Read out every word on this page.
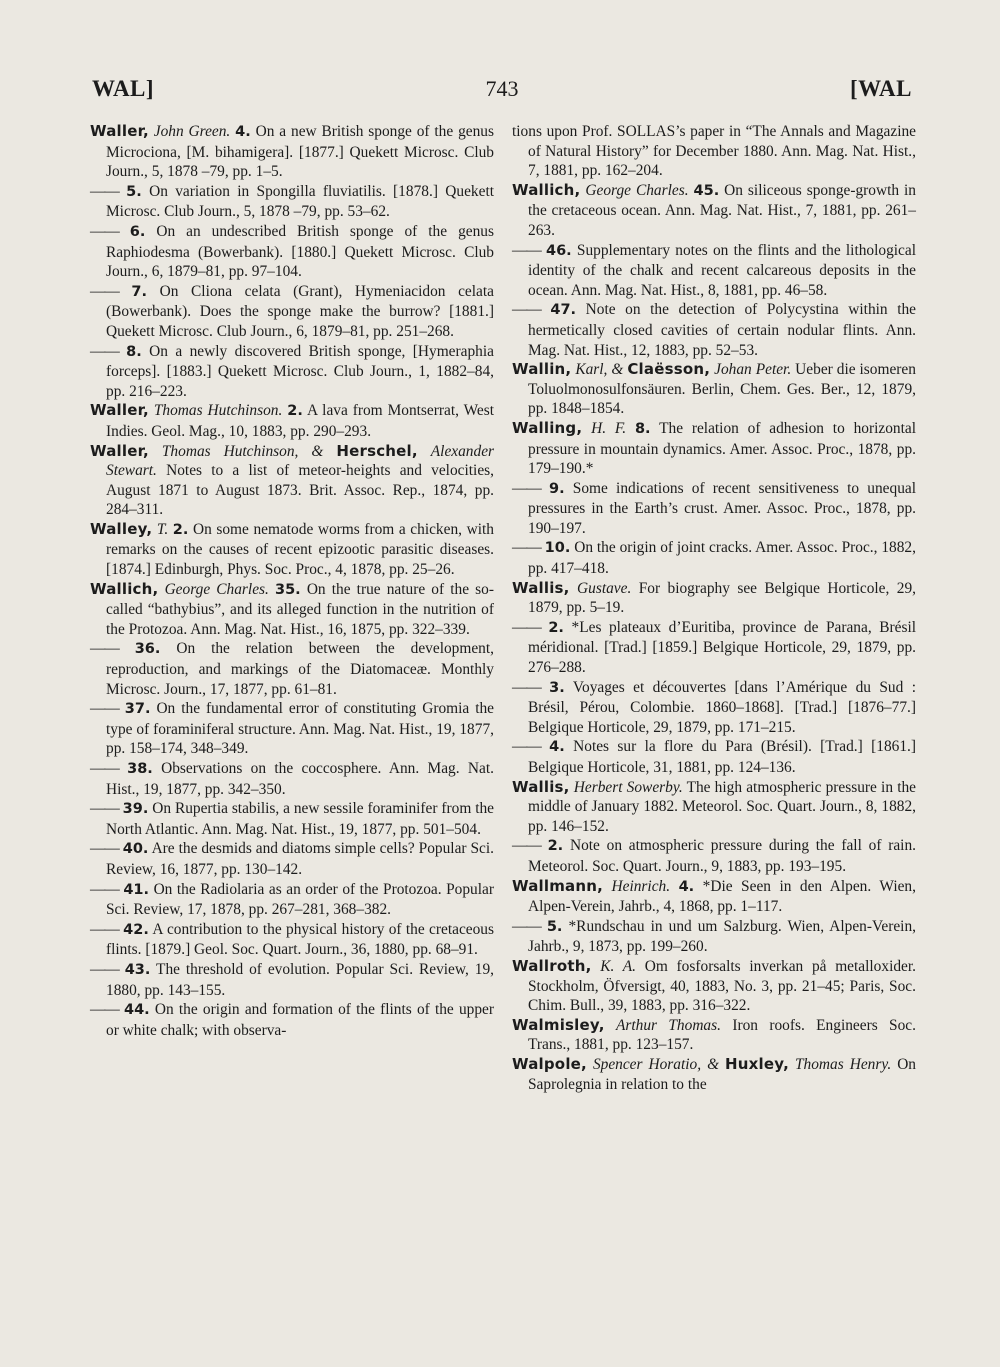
WAL]	743	[WAL
Waller, John Green. 4. On a new British sponge of the genus Microciona, [M. bihamigera]. [1877.] Quekett Microsc. Club Journ., 5, 1878 –79, pp. 1–5.
—— 5. On variation in Spongilla fluviatilis. [1878.] Quekett Microsc. Club Journ., 5, 1878 –79, pp. 53–62.
—— 6. On an undescribed British sponge of the genus Raphiodesma (Bowerbank). [1880.] Quekett Microsc. Club Journ., 6, 1879–81, pp. 97–104.
—— 7. On Cliona celata (Grant), Hymeniacidon celata (Bowerbank). Does the sponge make the burrow? [1881.] Quekett Microsc. Club Journ., 6, 1879–81, pp. 251–268.
—— 8. On a newly discovered British sponge, [Hymeraphia forceps]. [1883.] Quekett Microsc. Club Journ., 1, 1882–84, pp. 216–223.
Waller, Thomas Hutchinson. 2. A lava from Montserrat, West Indies. Geol. Mag., 10, 1883, pp. 290–293.
Waller, Thomas Hutchinson, & Herschel, Alexander Stewart. Notes to a list of meteor-heights and velocities, August 1871 to August 1873. Brit. Assoc. Rep., 1874, pp. 284–311.
Walley, T. 2. On some nematode worms from a chicken, with remarks on the causes of recent epizootic parasitic diseases. [1874.] Edinburgh, Phys. Soc. Proc., 4, 1878, pp. 25–26.
Wallich, George Charles. 35. On the true nature of the so-called “bathybius”, and its alleged function in the nutrition of the Protozoa. Ann. Mag. Nat. Hist., 16, 1875, pp. 322–339.
—— 36. On the relation between the development, reproduction, and markings of the Diatomaceæ. Monthly Microsc. Journ., 17, 1877, pp. 61–81.
—— 37. On the fundamental error of constituting Gromia the type of foraminiferal structure. Ann. Mag. Nat. Hist., 19, 1877, pp. 158–174, 348–349.
—— 38. Observations on the coccosphere. Ann. Mag. Nat. Hist., 19, 1877, pp. 342–350.
—— 39. On Rupertia stabilis, a new sessile foraminifer from the North Atlantic. Ann. Mag. Nat. Hist., 19, 1877, pp. 501–504.
—— 40. Are the desmids and diatoms simple cells? Popular Sci. Review, 16, 1877, pp. 130–142.
—— 41. On the Radiolaria as an order of the Protozoa. Popular Sci. Review, 17, 1878, pp. 267–281, 368–382.
—— 42. A contribution to the physical history of the cretaceous flints. [1879.] Geol. Soc. Quart. Journ., 36, 1880, pp. 68–91.
—— 43. The threshold of evolution. Popular Sci. Review, 19, 1880, pp. 143–155.
—— 44. On the origin and formation of the flints of the upper or white chalk; with observa-
tions upon Prof. SOLLAS’s paper in “The Annals and Magazine of Natural History” for December 1880. Ann. Mag. Nat. Hist., 7, 1881, pp. 162–204.
Wallich, George Charles. 45. On siliceous sponge-growth in the cretaceous ocean. Ann. Mag. Nat. Hist., 7, 1881, pp. 261–263.
—— 46. Supplementary notes on the flints and the lithological identity of the chalk and recent calcareous deposits in the ocean. Ann. Mag. Nat. Hist., 8, 1881, pp. 46–58.
—— 47. Note on the detection of Polycystina within the hermetically closed cavities of certain nodular flints. Ann. Mag. Nat. Hist., 12, 1883, pp. 52–53.
Wallin, Karl, & Claësson, Johan Peter. Ueber die isomeren Toluolmonosulfonsäuren. Berlin, Chem. Ges. Ber., 12, 1879, pp. 1848–1854.
Walling, H. F. 8. The relation of adhesion to horizontal pressure in mountain dynamics. Amer. Assoc. Proc., 1878, pp. 179–190.*
—— 9. Some indications of recent sensitiveness to unequal pressures in the Earth’s crust. Amer. Assoc. Proc., 1878, pp. 190–197.
—— 10. On the origin of joint cracks. Amer. Assoc. Proc., 1882, pp. 417–418.
Wallis, Gustave. For biography see Belgique Horticole, 29, 1879, pp. 5–19.
—— 2. *Les plateaux d’Euritiba, province de Parana, Brésil méridional. [Trad.] [1859.] Belgique Horticole, 29, 1879, pp. 276–288.
—— 3. Voyages et découvertes [dans l’Amérique du Sud : Brésil, Pérou, Colombie. 1860–1868]. [Trad.] [1876–77.] Belgique Horticole, 29, 1879, pp. 171–215.
—— 4. Notes sur la flore du Para (Brésil). [Trad.] [1861.] Belgique Horticole, 31, 1881, pp. 124–136.
Wallis, Herbert Sowerby. The high atmospheric pressure in the middle of January 1882. Meteorol. Soc. Quart. Journ., 8, 1882, pp. 146–152.
—— 2. Note on atmospheric pressure during the fall of rain. Meteorol. Soc. Quart. Journ., 9, 1883, pp. 193–195.
Wallmann, Heinrich. 4. *Die Seen in den Alpen. Wien, Alpen-Verein, Jahrb., 4, 1868, pp. 1–117.
—— 5. *Rundschau in und um Salzburg. Wien, Alpen-Verein, Jahrb., 9, 1873, pp. 199–260.
Wallroth, K. A. Om fosforsalts inverkan på metalloxider. Stockholm, Öfversigt, 40, 1883, No. 3, pp. 21–45; Paris, Soc. Chim. Bull., 39, 1883, pp. 316–322.
Walmisley, Arthur Thomas. Iron roofs. Engineers Soc. Trans., 1881, pp. 123–157.
Walpole, Spencer Horatio, & Huxley, Thomas Henry. On Saprolegnia in relation to the
